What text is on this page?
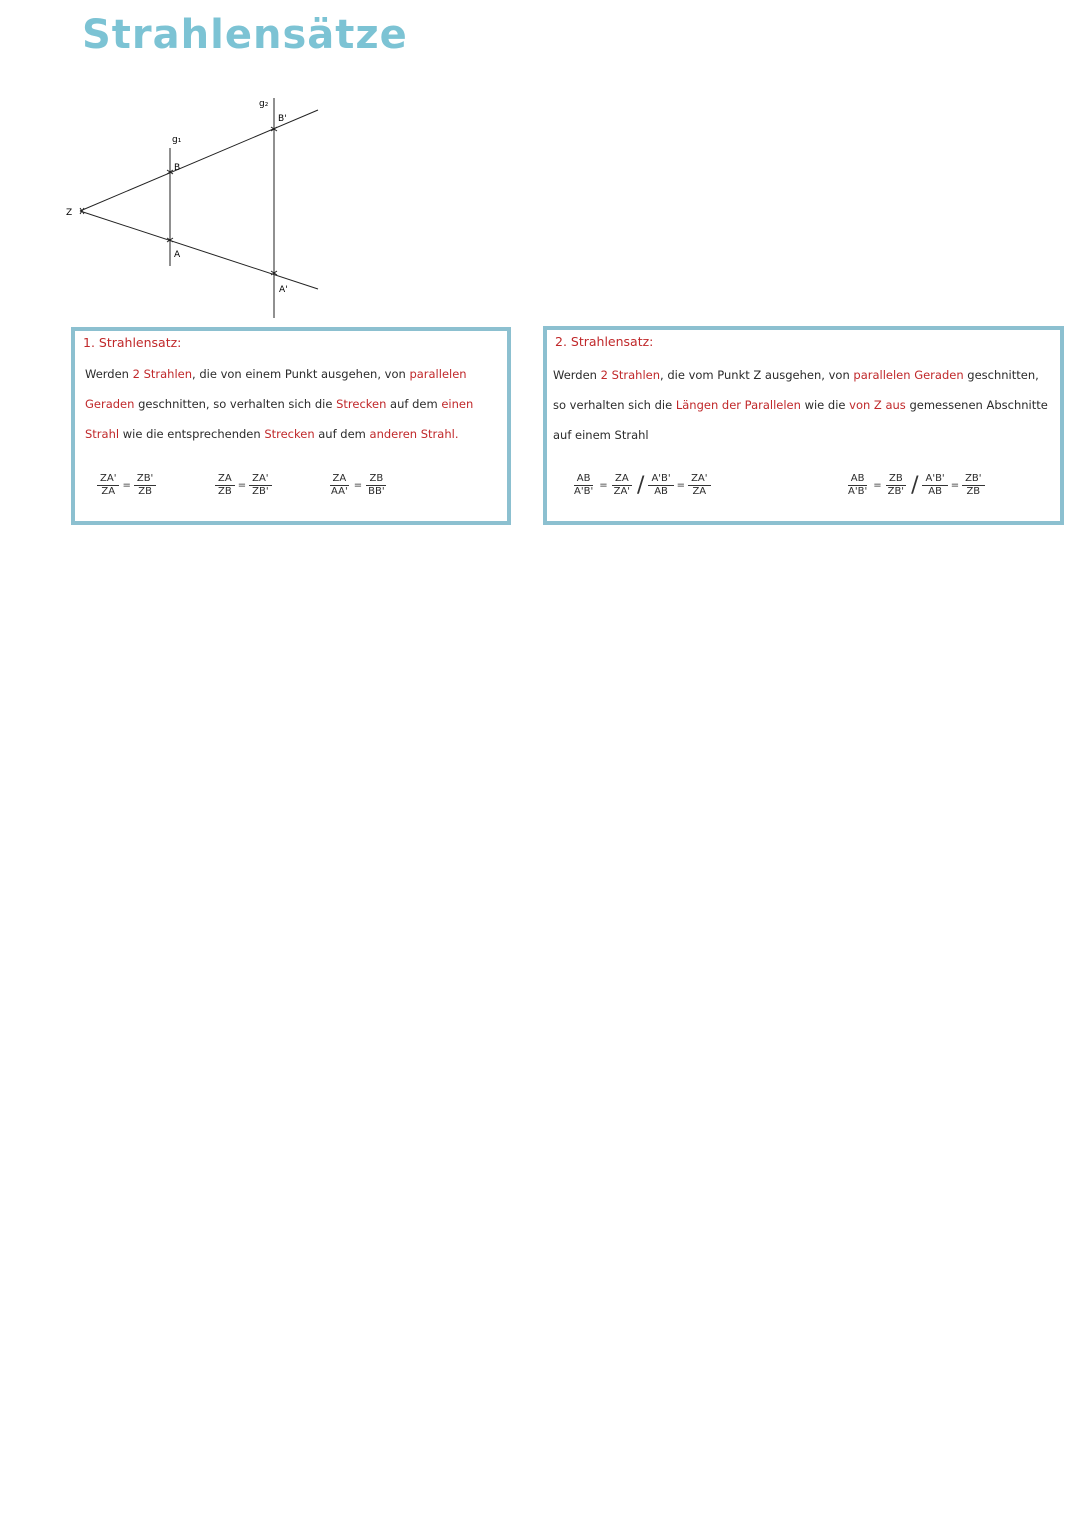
Strahlensätze
Z
A
A'
B
B'
g₁
g₂
1. Strahlensatz:
Werden 2 Strahlen, die von einem Punkt ausgehen, von parallelen
Geraden geschnitten, so verhalten sich die Strecken auf dem einen
Strahl wie die entsprechenden Strecken auf dem anderen Strahl.
$\frac{ZA'}{ZA} = \frac{ZB'}{ZB}$	$\frac{ZA}{ZB} = \frac{ZA'}{ZB'}$	$\frac{ZA}{AA'} = \frac{ZB}{BB'}$
2. Strahlensatz:
Werden 2 Strahlen, die vom Punkt Z ausgehen, von parallelen Geraden geschnitten,
so verhalten sich die Längen der Parallelen wie die von Z aus gemessenen Abschnitte
auf einem Strahl
$\frac{AB}{A'B'} = \frac{ZA}{ZA'} / \frac{A'B'}{AB} = \frac{ZA'}{ZA}$	$\frac{AB}{A'B'} = \frac{ZB}{ZB'} / \frac{A'B'}{AB} = \frac{ZB'}{ZB}$
